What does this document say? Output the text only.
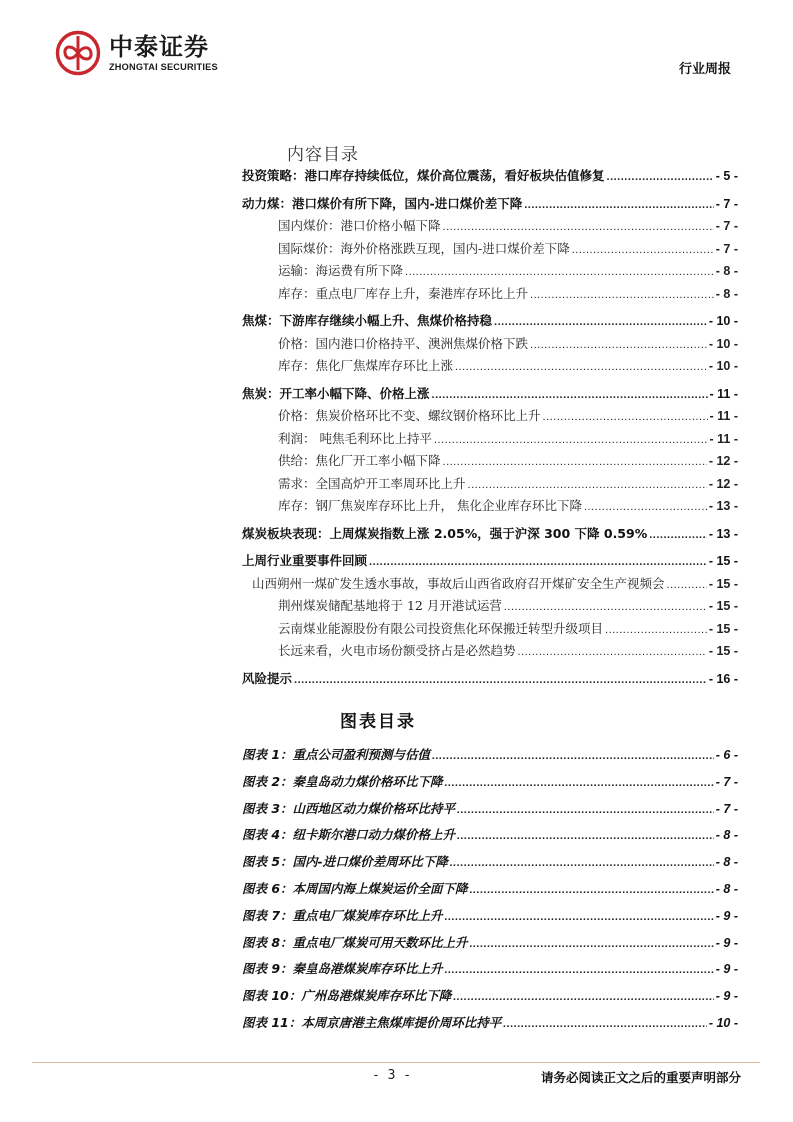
中泰证券
ZHONGTAI SECURITIES	行业周报
内容目录
投资策略：港口库存持续低位，煤价高位震荡，看好板块估值修复 .....	- 5 -
动力煤：港口煤价有所下降，国内-进口煤价差下降 .....	- 7 -
国内煤价：港口价格小幅下降 .....	- 7 -
国际煤价：海外价格涨跌互现，国内-进口煤价差下降 .....	- 7 -
运输：海运费有所下降 .....	- 8 -
库存：重点电厂库存上升，秦港库存环比上升 .....	- 8 -
焦煤：下游库存继续小幅上升、焦煤价格持稳 .....	- 10 -
价格：国内港口价格持平、澳洲焦煤价格下跌 .....	- 10 -
库存：焦化厂焦煤库存环比上涨 .....	- 10 -
焦炭：开工率小幅下降、价格上涨 .....	- 11 -
价格：焦炭价格环比不变、螺纹钢价格环比上升 .....	- 11 -
利润： 吨焦毛利环比上持平 .....	- 11 -
供给：焦化厂开工率小幅下降 .....	- 12 -
需求：全国高炉开工率周环比上升 .....	- 12 -
库存：钢厂焦炭库存环比上升， 焦化企业库存环比下降 .....	- 13 -
煤炭板块表现：上周煤炭指数上涨 2.05%，强于沪深 300 下降 0.59% .....	- 13 -
上周行业重要事件回顾 .....	- 15 -
山西朔州一煤矿发生透水事故，事故后山西省政府召开煤矿安全生产视频会 .....	- 15 -
荆州煤炭储配基地将于 12 月开港试运营 .....	- 15 -
云南煤业能源股份有限公司投资焦化环保搬迁转型升级项目 .....	- 15 -
长远来看，火电市场份额受挤占是必然趋势 .....	- 15 -
风险提示 .....	- 16 -
图表目录
图表 1：重点公司盈利预测与估值 .....	- 6 -
图表 2：秦皇岛动力煤价格环比下降 .....	- 7 -
图表 3：山西地区动力煤价格环比持平 .....	- 7 -
图表 4：纽卡斯尔港口动力煤价格上升 .....	- 8 -
图表 5：国内-进口煤价差周环比下降 .....	- 8 -
图表 6：本周国内海上煤炭运价全面下降 .....	- 8 -
图表 7：重点电厂煤炭库存环比上升 .....	- 9 -
图表 8：重点电厂煤炭可用天数环比上升 .....	- 9 -
图表 9：秦皇岛港煤炭库存环比上升 .....	- 9 -
图表 10：广州岛港煤炭库存环比下降 .....	- 9 -
图表 11：本周京唐港主焦煤库提价周环比持平 .....	- 10 -
- 3 -	请务必阅读正文之后的重要声明部分
